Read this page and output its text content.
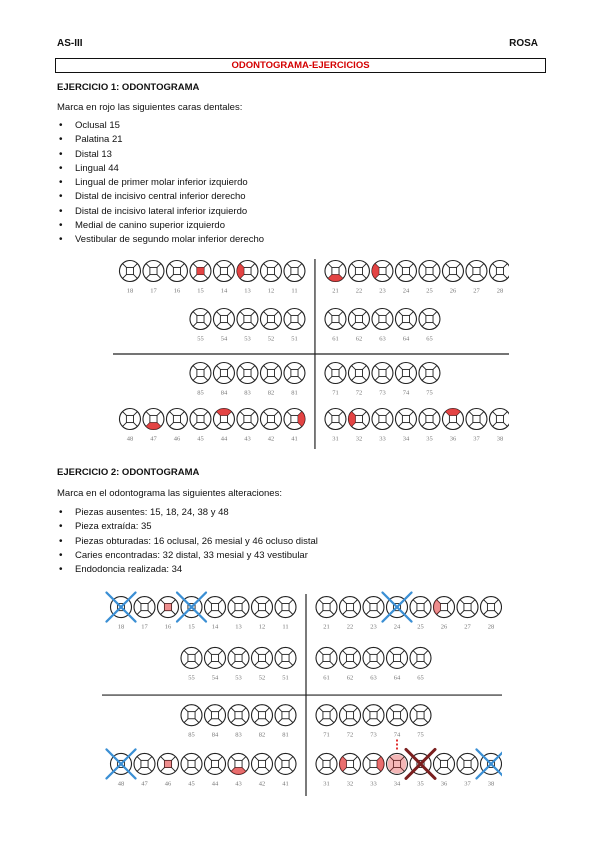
AS-III	ROSA
ODONTOGRAMA-EJERCICIOS
EJERCICIO 1: ODONTOGRAMA
Marca en rojo las siguientes caras dentales:
• Oclusal 15
• Palatina 21
• Distal 13
• Lingual 44
• Lingual de primer molar inferior izquierdo
• Distal de incisivo central inferior derecho
• Distal de incisivo lateral inferior izquierdo
• Medial de canino superior izquierdo
• Vestibular de segundo molar inferior derecho
18	17	16	15	14	13	12	11	21	22	23	24	25	26	27	28
55	54	53	52	51	61	62	63	64	65
85	84	83	82	81	71	72	73	74	75
48	47	46	45	44	43	42	41	31	32	33	34	35	36	37	38
EJERCICIO 2: ODONTOGRAMA
Marca en el odontograma las siguientes alteraciones:
• Piezas ausentes: 15, 18, 24, 38 y 48
• Pieza extraída: 35
• Piezas obturadas: 16 oclusal, 26 mesial y 46 ocluso distal
• Caries encontradas: 32 distal, 33 mesial y 43 vestibular
• Endodoncia realizada: 34
18	17	16	15	14	13	12	11	21	22	23	24	25	26	27	28
55	54	53	52	51	61	62	63	64	65
85	84	83	82	81	71	72	73	74	75
48	47	46	45	44	43	42	41	31	32	33	34	35	36	37	38
